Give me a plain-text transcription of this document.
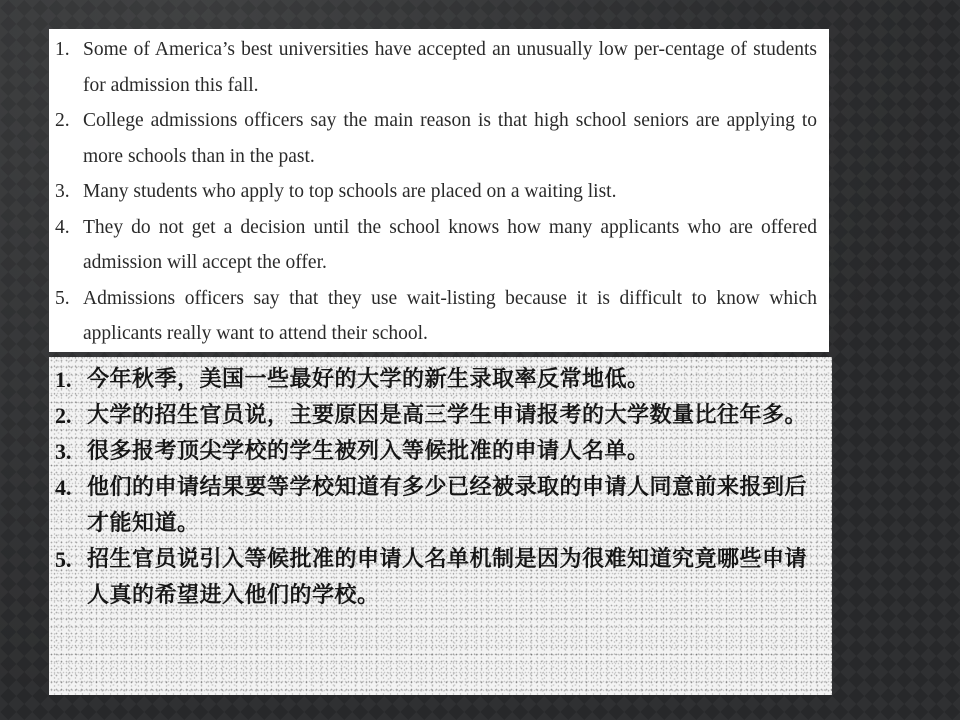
1. Some of America’s best universities have accepted an unusually low per-centage of students for admission this fall.
2. College admissions officers say the main reason is that high school seniors are applying to more schools than in the past.
3. Many students who apply to top schools are placed on a waiting list.
4. They do not get a decision until the school knows how many applicants who are offered admission will accept the offer.
5. Admissions officers say that they use wait-listing because it is difficult to know which applicants really want to attend their school.
1. 今年秋季，美国一些最好的大学的新生录取率反常地低。
2. 大学的招生官员说，主要原因是高三学生申请报考的大学数量比往年多。
3. 很多报考顶尖学校的学生被列入等候批准的申请人名单。
4. 他们的申请结果要等学校知道有多少已经被录取的申请人同意前来报到后才能知道。
5. 招生官员说引入等候批准的申请人名单机制是因为很难知道究竟哪些申请人真的希望进入他们的学校。
